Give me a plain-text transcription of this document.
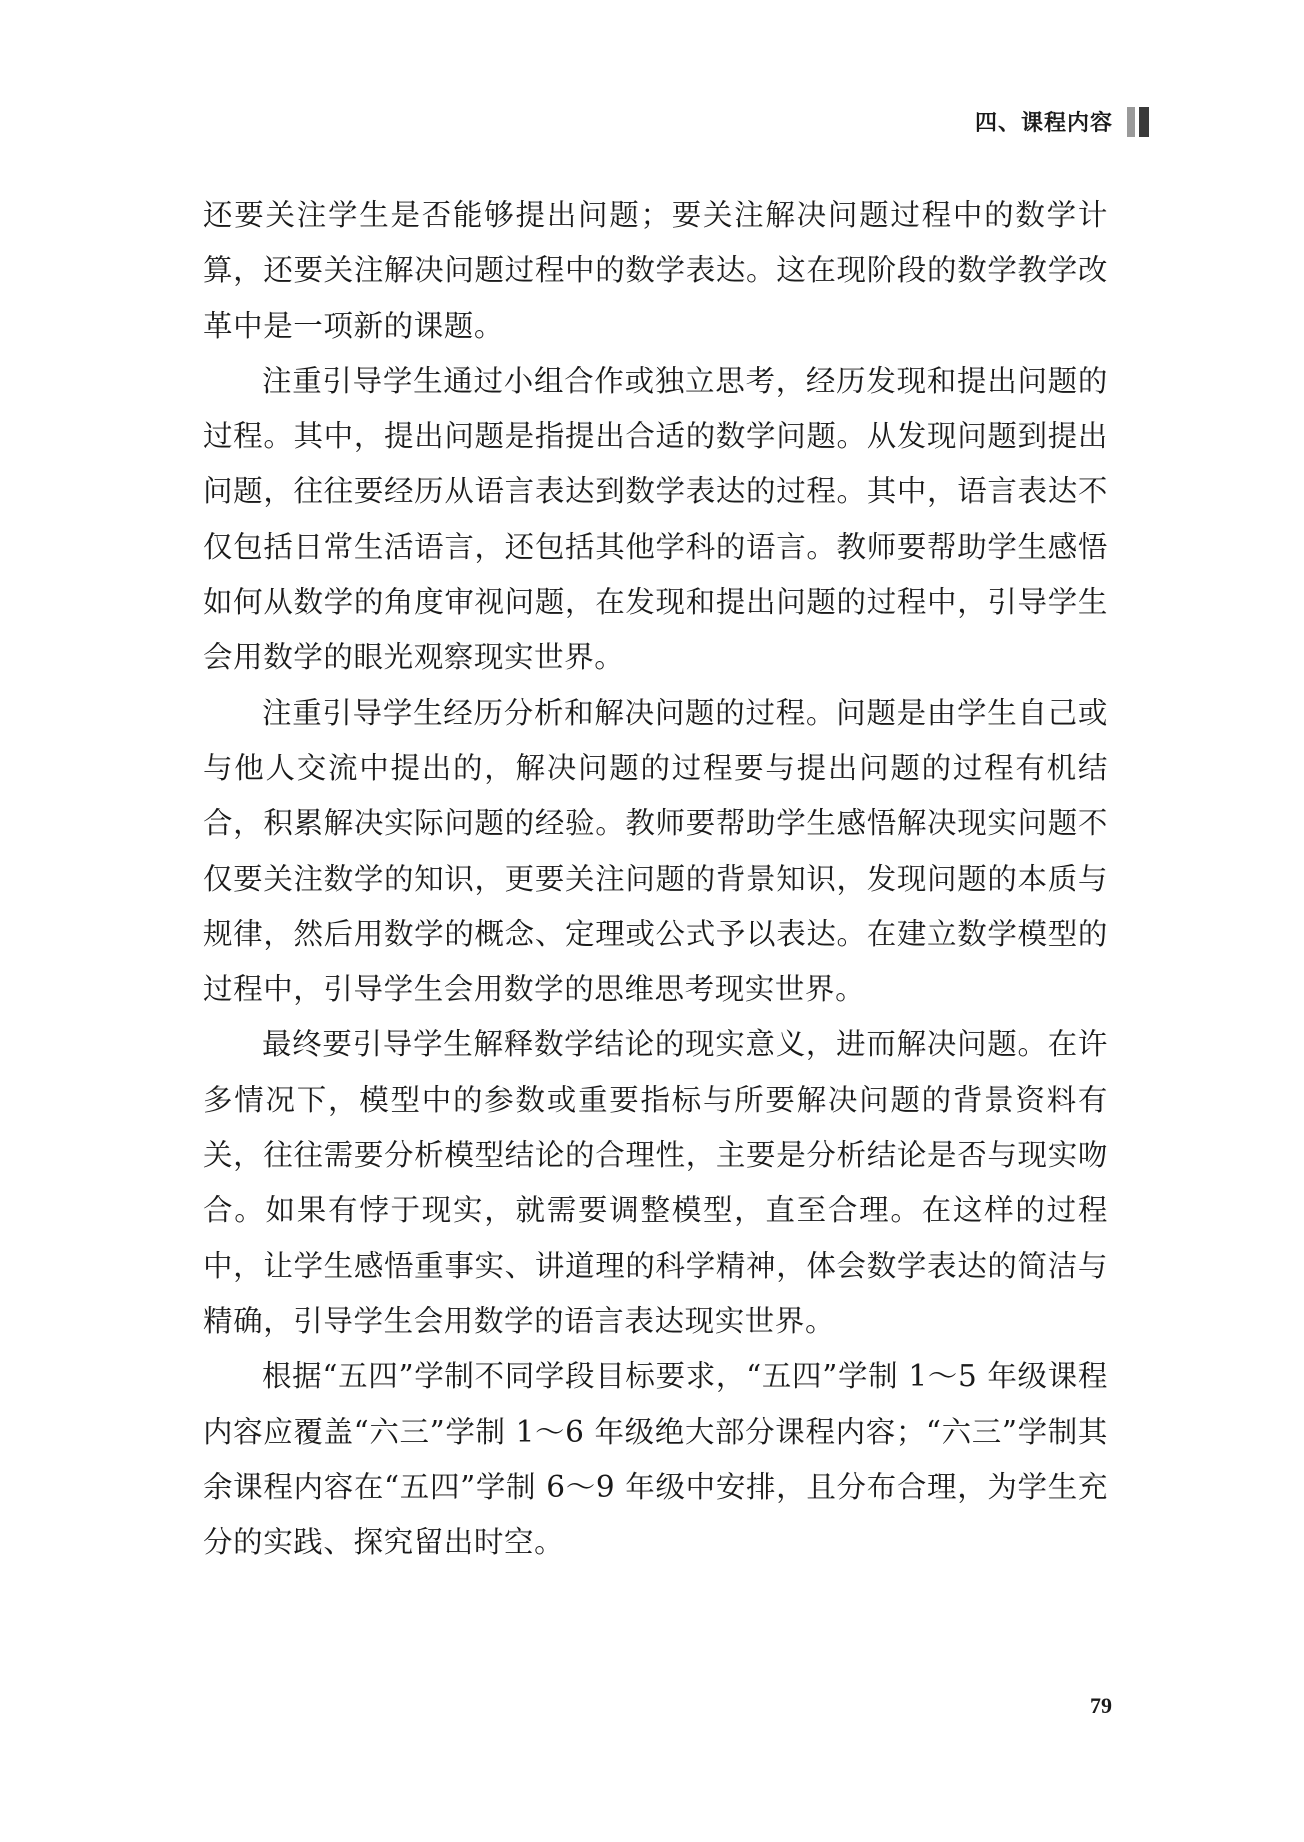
四、课程内容

还要关注学生是否能够提出问题；要关注解决问题过程中的数学计算，还要关注解决问题过程中的数学表达。这在现阶段的数学教学改革中是一项新的课题。

注重引导学生通过小组合作或独立思考，经历发现和提出问题的过程。其中，提出问题是指提出合适的数学问题。从发现问题到提出问题，往往要经历从语言表达到数学表达的过程。其中，语言表达不仅包括日常生活语言，还包括其他学科的语言。教师要帮助学生感悟如何从数学的角度审视问题，在发现和提出问题的过程中，引导学生会用数学的眼光观察现实世界。

注重引导学生经历分析和解决问题的过程。问题是由学生自己或与他人交流中提出的，解决问题的过程要与提出问题的过程有机结合，积累解决实际问题的经验。教师要帮助学生感悟解决现实问题不仅要关注数学的知识，更要关注问题的背景知识，发现问题的本质与规律，然后用数学的概念、定理或公式予以表达。在建立数学模型的过程中，引导学生会用数学的思维思考现实世界。

最终要引导学生解释数学结论的现实意义，进而解决问题。在许多情况下，模型中的参数或重要指标与所要解决问题的背景资料有关，往往需要分析模型结论的合理性，主要是分析结论是否与现实吻合。如果有悖于现实，就需要调整模型，直至合理。在这样的过程中，让学生感悟重事实、讲道理的科学精神，体会数学表达的简洁与精确，引导学生会用数学的语言表达现实世界。

根据“五四”学制不同学段目标要求，“五四”学制 1～5 年级课程内容应覆盖“六三”学制 1～6 年级绝大部分课程内容；“六三”学制其余课程内容在“五四”学制 6～9 年级中安排，且分布合理，为学生充分的实践、探究留出时空。

79
